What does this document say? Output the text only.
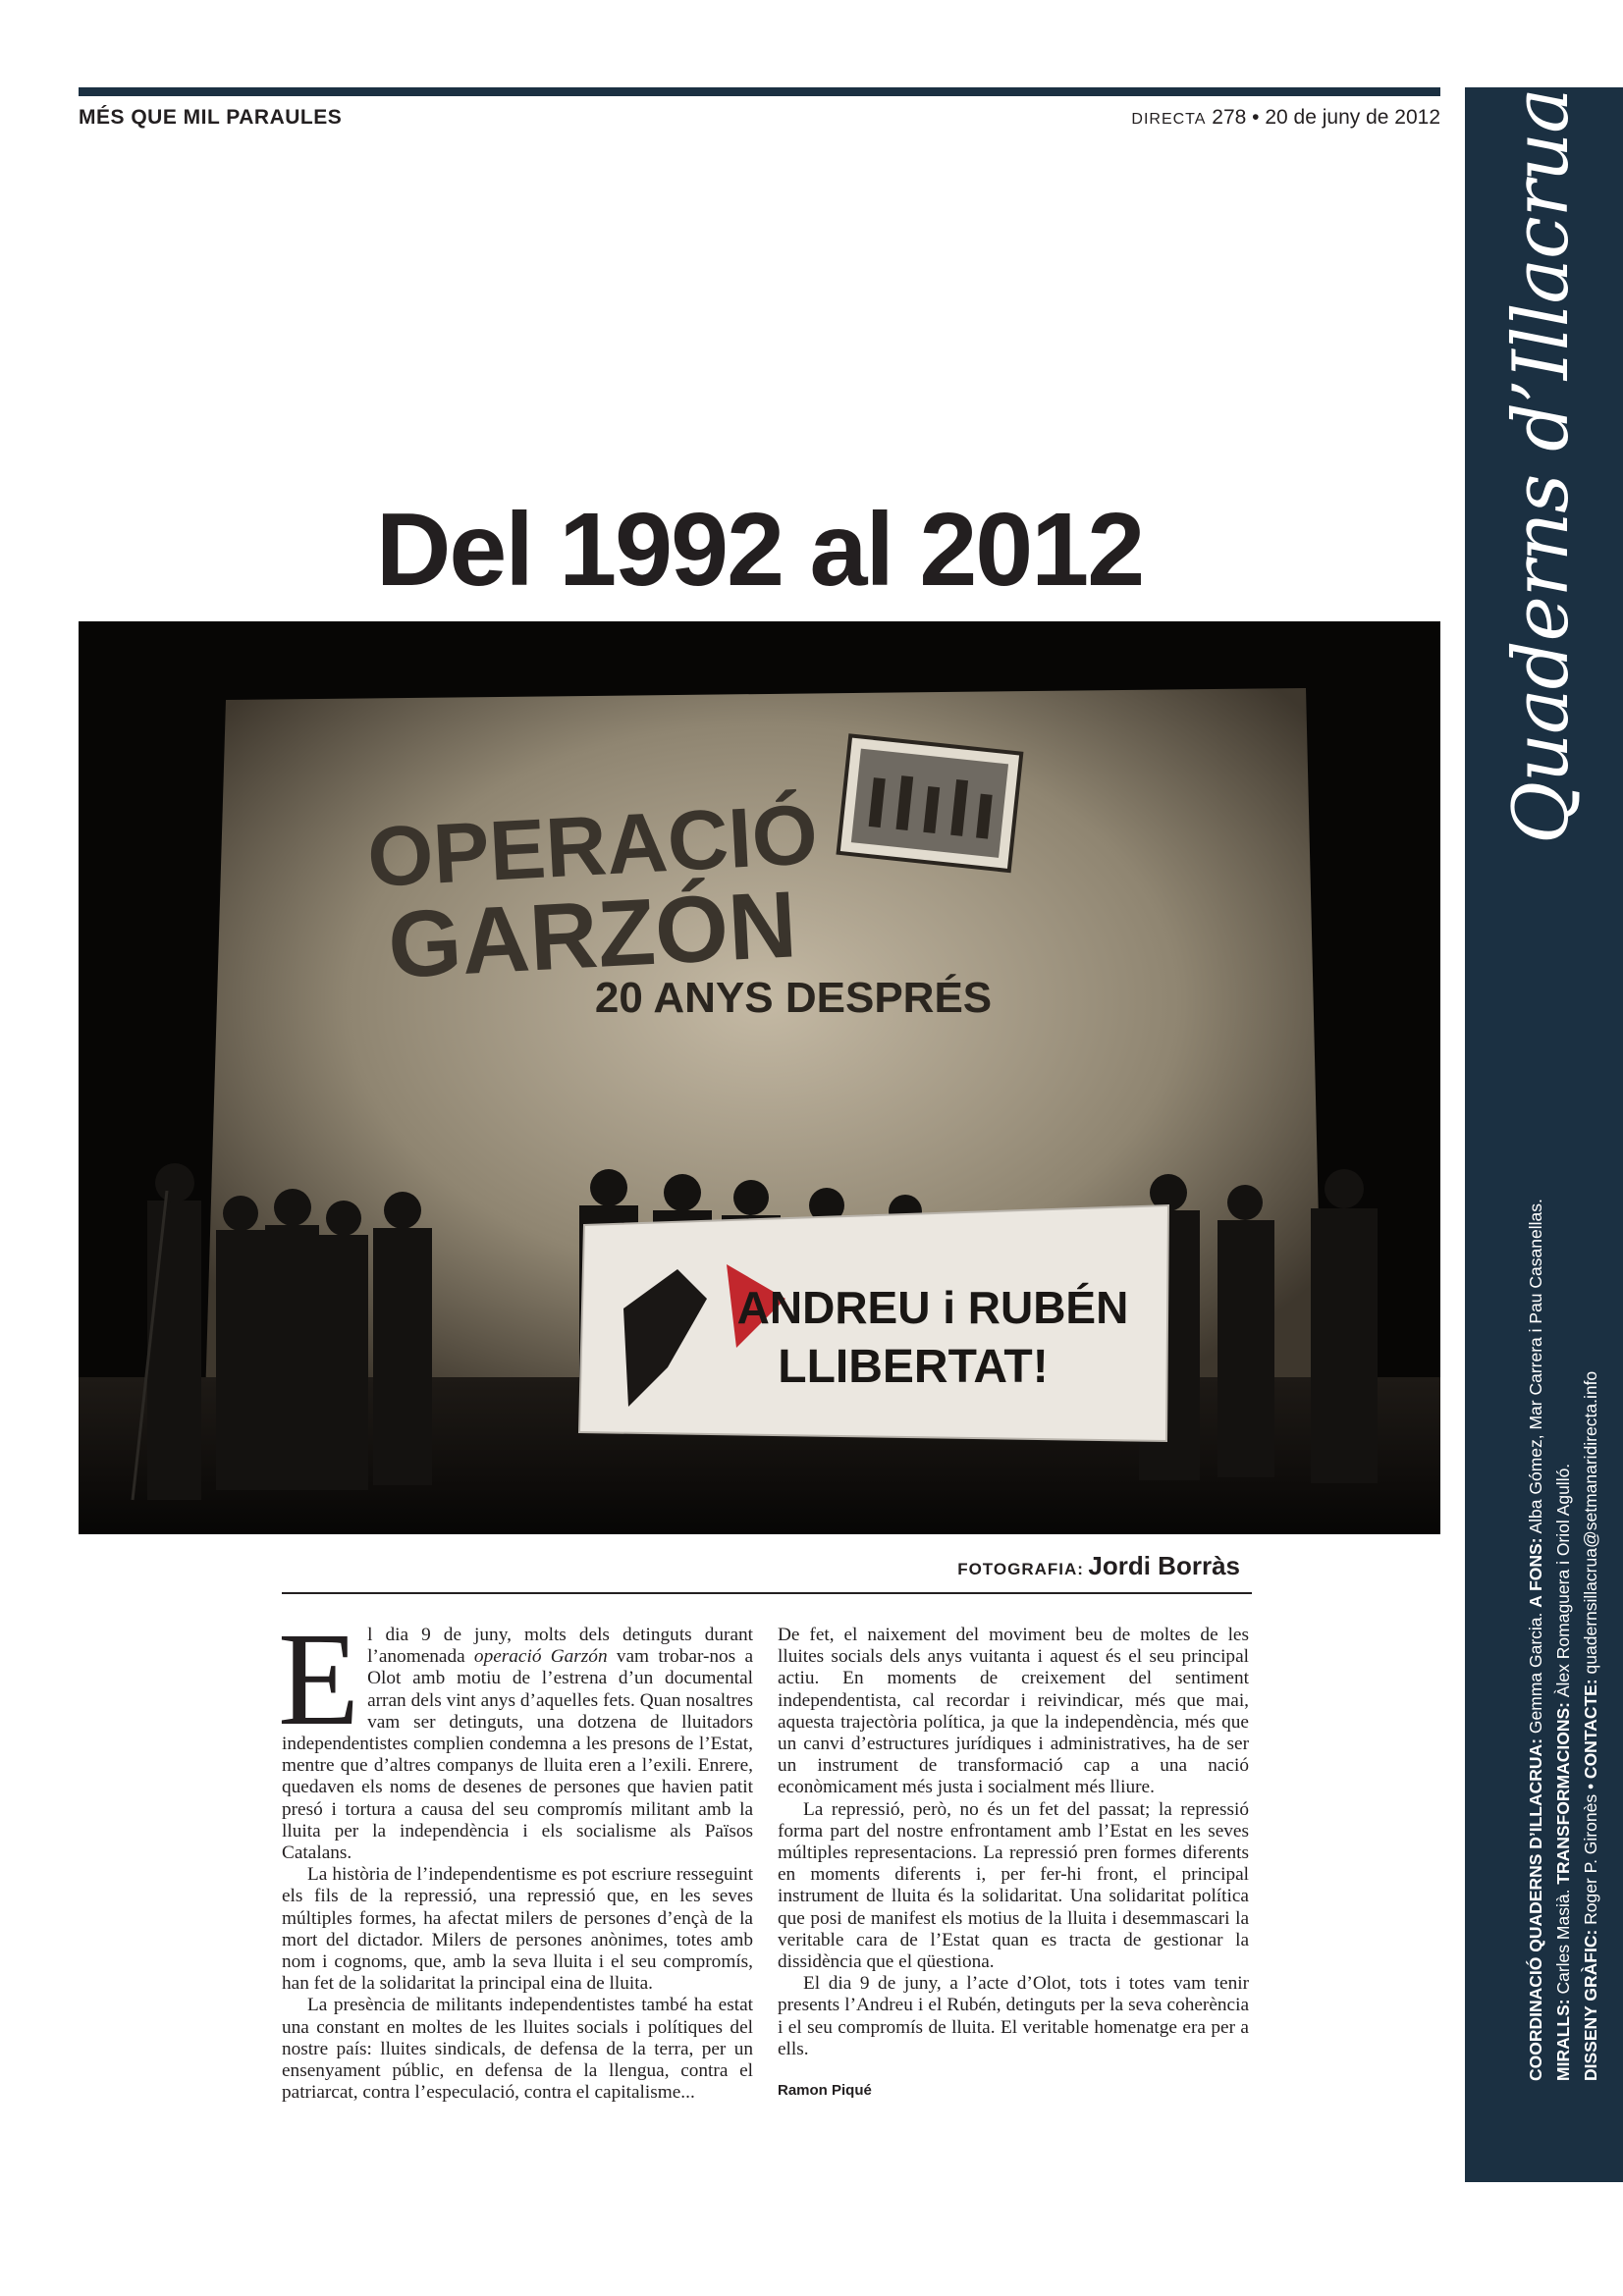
MÉS QUE MIL PARAULES	DIRECTA 278 • 20 de juny de 2012 Quaderns d’Illacrua
COORDINACIÓ QUADERNS D’ILLACRUA: Gemma Garcia. A FONS: Alba Gómez, Mar Carrera i Pau Casanellas.
MIRALLS: Carles Masià. TRANSFORMACIONS: Àlex Romaguera i Oriol Agulló.
DISSENY GRÀFIC: Roger P. Gironès • CONTACTE: quadernsillacrua@setmanaridirecta.info
Del 1992 al 2012
OPERACIÓ
GARZÓN
20 ANYS DESPRÉS
ANDREU i RUBÉN
LLIBERTAT!
FOTOGRAFIA: Jordi Borràs

El dia 9 de juny, molts dels detinguts durant l’anomenada operació Garzón vam trobar-nos a Olot amb motiu de l’estrena d’un documental arran dels vint anys d’aquelles fets. Quan nosaltres vam ser detinguts, una dotzena de lluitadors independentistes complien condemna a les presons de l’Estat, mentre que d’altres companys de lluita eren a l’exili. Enrere, quedaven els noms de desenes de persones que havien patit presó i tortura a causa del seu compromís militant amb la lluita per la independència i els socialisme als Països Catalans.

La història de l’independentisme es pot escriure resseguint els fils de la repressió, una repressió que, en les seves múltiples formes, ha afectat milers de persones d’ençà de la mort del dictador. Milers de persones anònimes, totes amb nom i cognoms, que, amb la seva lluita i el seu compromís, han fet de la solidaritat la principal eina de lluita.

La presència de militants independentistes també ha estat una constant en moltes de les lluites socials i polítiques del nostre país: lluites sindicals, de defensa de la terra, per un ensenyament públic, en defensa de la llengua, contra el patriarcat, contra l’especulació, contra el capitalisme...

De fet, el naixement del moviment beu de moltes de les lluites socials dels anys vuitanta i aquest és el seu principal actiu. En moments de creixement del sentiment independentista, cal recordar i reivindicar, més que mai, aquesta trajectòria política, ja que la independència, més que un canvi d’estructures jurídiques i administratives, ha de ser un instrument de transformació cap a una nació econòmicament més justa i socialment més lliure.

La repressió, però, no és un fet del passat; la repressió forma part del nostre enfrontament amb l’Estat en les seves múltiples representacions. La repressió pren formes diferents en moments diferents i, per fer-hi front, el principal instrument de lluita és la solidaritat. Una solidaritat política que posi de manifest els motius de la lluita i desemmascari la veritable cara de l’Estat quan es tracta de gestionar la dissidència que el qüestiona.

El dia 9 de juny, a l’acte d’Olot, tots i totes vam tenir presents l’Andreu i el Rubén, detinguts per la seva coherència i el seu compromís de lluita. El veritable homenatge era per a ells.

Ramon Piqué
